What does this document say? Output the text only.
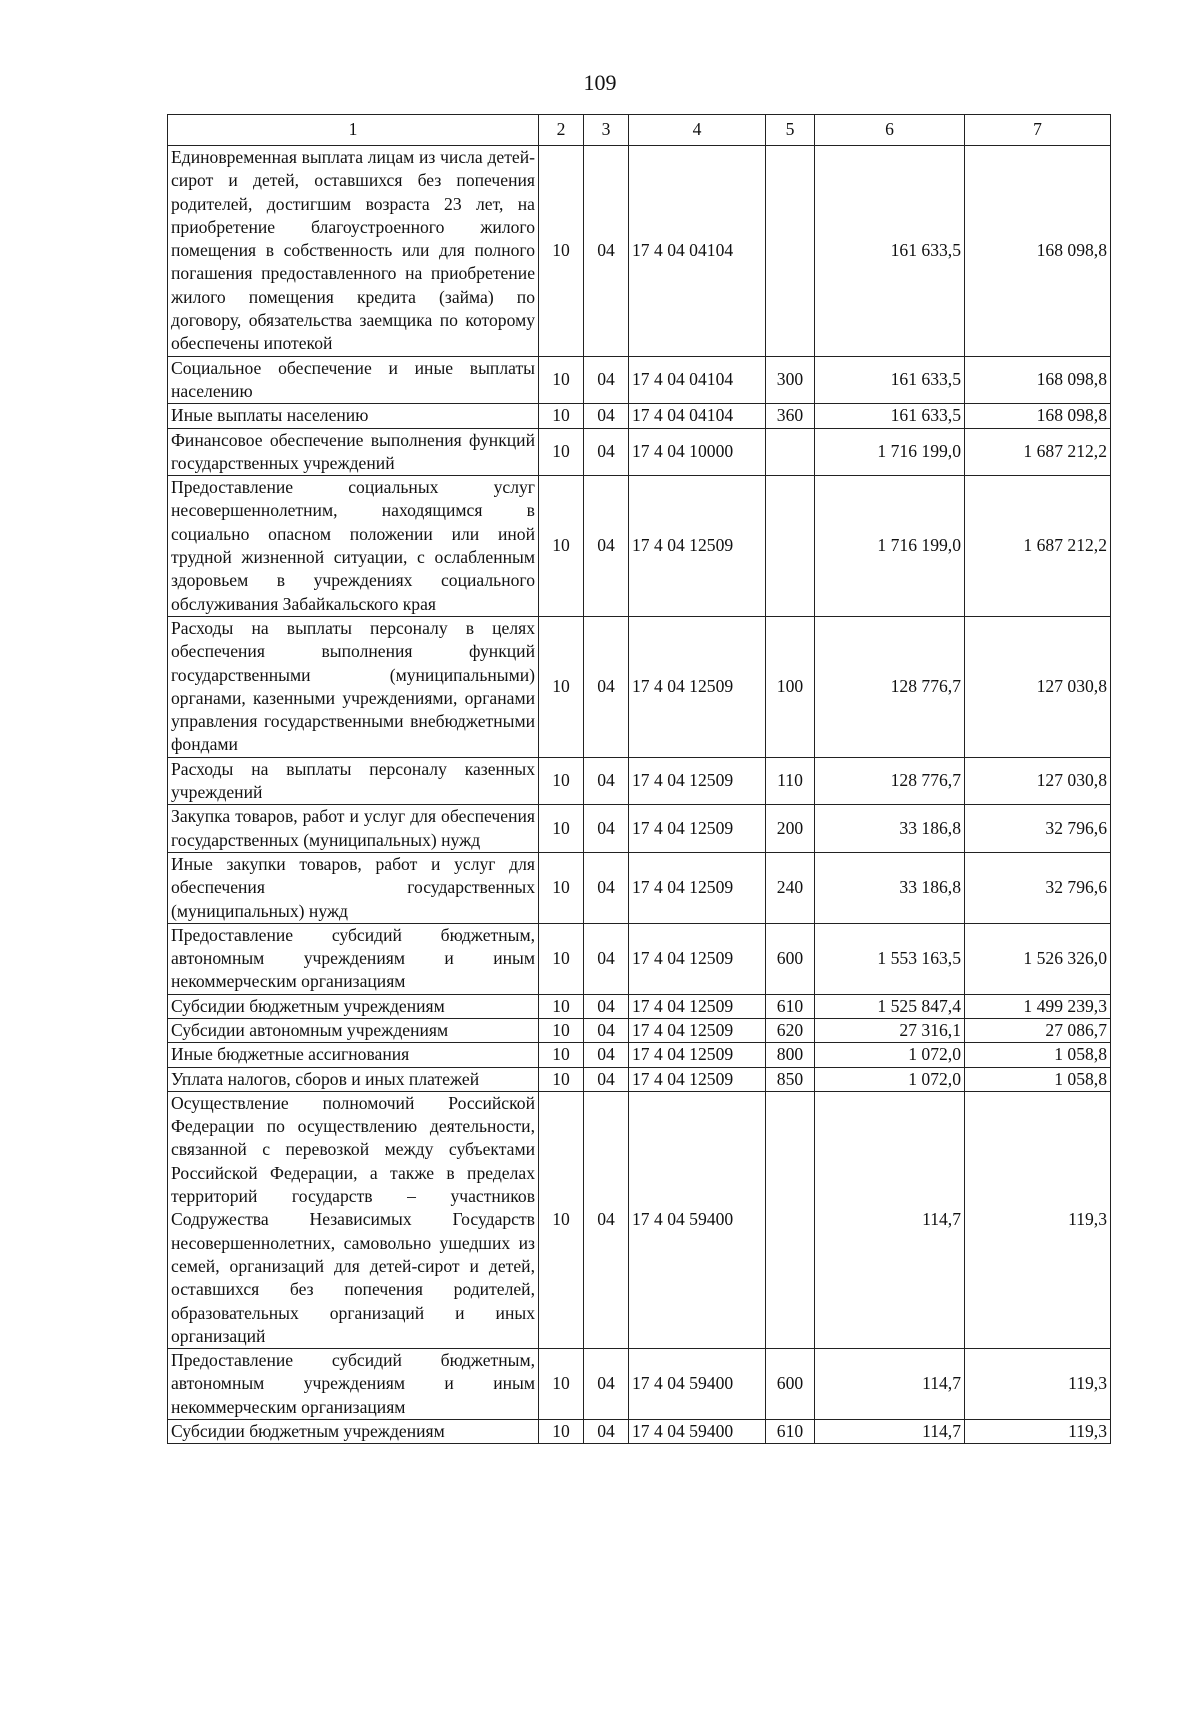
109
1	2	3	4	5	6	7
Единовременная выплата лицам из числа детей-сирот и детей, оставшихся без попечения родителей, достигшим возраста 23 лет, на приобретение благоустроенного жилого помещения в собственность или для полного погашения предоставленного на приобретение жилого помещения кредита (займа) по договору, обязательства заемщика по которому обеспечены ипотекой	10	04	17 4 04 04104		161 633,5	168 098,8
Социальное обеспечение и иные выплаты населению	10	04	17 4 04 04104	300	161 633,5	168 098,8
Иные выплаты населению	10	04	17 4 04 04104	360	161 633,5	168 098,8
Финансовое обеспечение выполнения функций государственных учреждений	10	04	17 4 04 10000		1 716 199,0	1 687 212,2
Предоставление социальных услуг несовершеннолетним, находящимся в социально опасном положении или иной трудной жизненной ситуации, с ослабленным здоровьем в учреждениях социального обслуживания Забайкальского края	10	04	17 4 04 12509		1 716 199,0	1 687 212,2
Расходы на выплаты персоналу в целях обеспечения выполнения функций государственными (муниципальными) органами, казенными учреждениями, органами управления государственными внебюджетными фондами	10	04	17 4 04 12509	100	128 776,7	127 030,8
Расходы на выплаты персоналу казенных учреждений	10	04	17 4 04 12509	110	128 776,7	127 030,8
Закупка товаров, работ и услуг для обеспечения государственных (муниципальных) нужд	10	04	17 4 04 12509	200	33 186,8	32 796,6
Иные закупки товаров, работ и услуг для обеспечения государственных (муниципальных) нужд	10	04	17 4 04 12509	240	33 186,8	32 796,6
Предоставление субсидий бюджетным, автономным учреждениям и иным некоммерческим организациям	10	04	17 4 04 12509	600	1 553 163,5	1 526 326,0
Субсидии бюджетным учреждениям	10	04	17 4 04 12509	610	1 525 847,4	1 499 239,3
Субсидии автономным учреждениям	10	04	17 4 04 12509	620	27 316,1	27 086,7
Иные бюджетные ассигнования	10	04	17 4 04 12509	800	1 072,0	1 058,8
Уплата налогов, сборов и иных платежей	10	04	17 4 04 12509	850	1 072,0	1 058,8
Осуществление полномочий Российской Федерации по осуществлению деятельности, связанной с перевозкой между субъектами Российской Федерации, а также в пределах территорий государств – участников Содружества Независимых Государств несовершеннолетних, самовольно ушедших из семей, организаций для детей-сирот и детей, оставшихся без попечения родителей, образовательных организаций и иных организаций	10	04	17 4 04 59400		114,7	119,3
Предоставление субсидий бюджетным, автономным учреждениям и иным некоммерческим организациям	10	04	17 4 04 59400	600	114,7	119,3
Субсидии бюджетным учреждениям	10	04	17 4 04 59400	610	114,7	119,3
